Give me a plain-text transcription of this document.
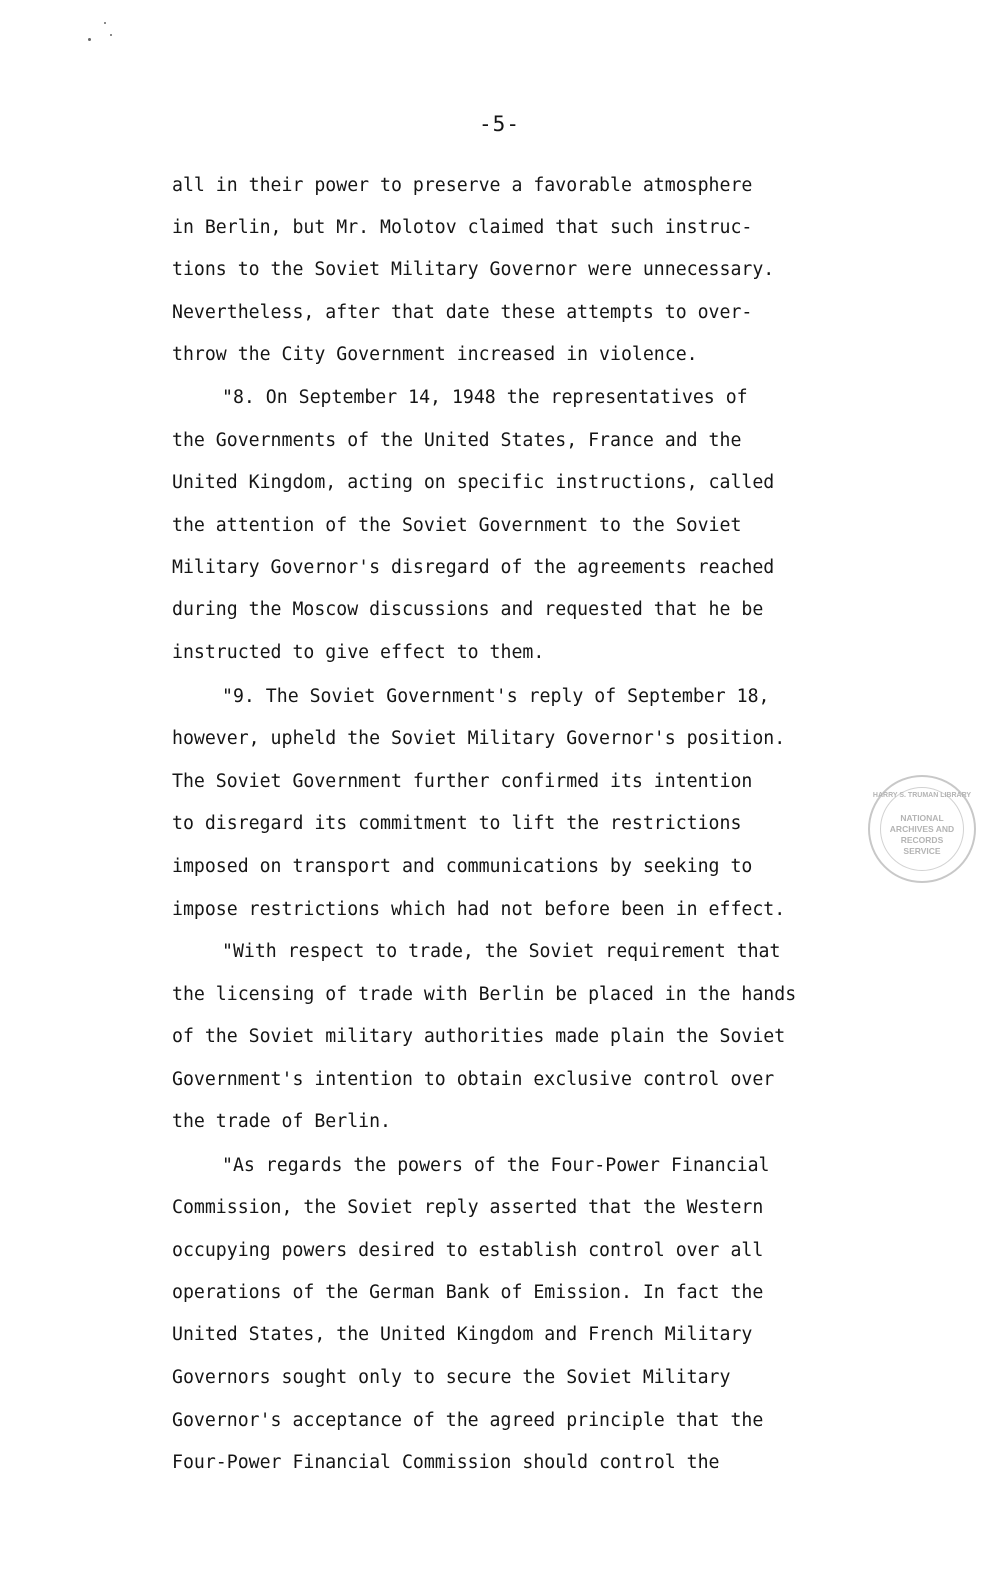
-5-
all in their power to preserve a favorable atmosphere
in Berlin, but Mr. Molotov claimed that such instruc-
tions to the Soviet Military Governor were unnecessary.
Nevertheless, after that date these attempts to over-
throw the City Government increased in violence.
"8. On September 14, 1948 the representatives of
the Governments of the United States, France and the
United Kingdom, acting on specific instructions, called
the attention of the Soviet Government to the Soviet
Military Governor's disregard of the agreements reached
during the Moscow discussions and requested that he be
instructed to give effect to them.
"9. The Soviet Government's reply of September 18,
however, upheld the Soviet Military Governor's position.
The Soviet Government further confirmed its intention
to disregard its commitment to lift the restrictions
imposed on transport and communications by seeking to
impose restrictions which had not before been in effect.
"With respect to trade, the Soviet requirement that
the licensing of trade with Berlin be placed in the hands
of the Soviet military authorities made plain the Soviet
Government's intention to obtain exclusive control over
the trade of Berlin.
"As regards the powers of the Four-Power Financial
Commission, the Soviet reply asserted that the Western
occupying powers desired to establish control over all
operations of the German Bank of Emission. In fact the
United States, the United Kingdom and French Military
Governors sought only to secure the Soviet Military
Governor's acceptance of the agreed principle that the
Four-Power Financial Commission should control the
HARRY S. TRUMAN LIBRARY
NATIONAL
ARCHIVES AND
RECORDS
SERVICE
